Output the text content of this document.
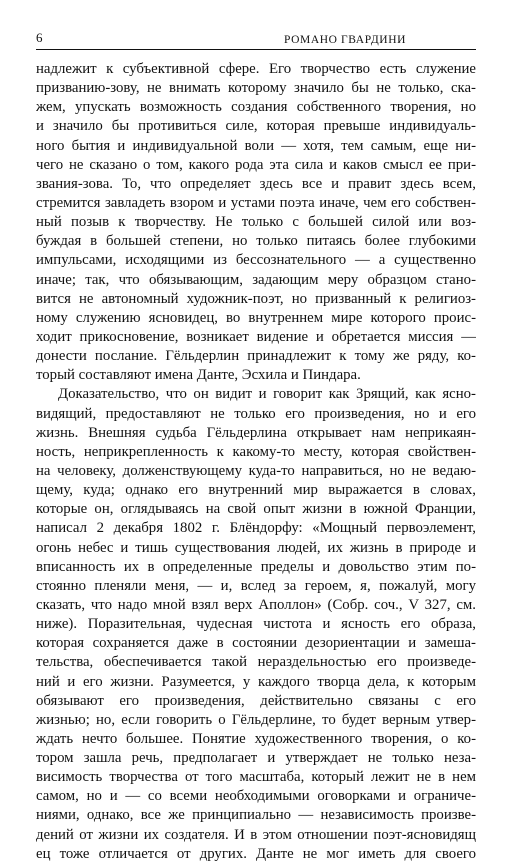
6	РОМАНО ГВАРДИНИ
надлежит к субъективной сфере. Его творчество есть служение
призванию-зову, не внимать которому значило бы не только, ска-
жем, упускать возможность создания собственного творения, но
и значило бы противиться силе, которая превыше индивидуаль-
ного бытия и индивидуальной воли — хотя, тем самым, еще ни-
чего не сказано о том, какого рода эта сила и каков смысл ее при-
звания-зова. То, что определяет здесь все и правит здесь всем,
стремится завладеть взором и устами поэта иначе, чем его собствен-
ный позыв к творчеству. Не только с большей силой или воз-
буждая в большей степени, но только питаясь более глубокими
импульсами, исходящими из бессознательного — а существенно
иначе; так, что обязывающим, задающим меру образцом стано-
вится не автономный художник-поэт, но призванный к религиоз-
ному служению ясновидец, во внутреннем мире которого проис-
ходит прикосновение, возникает видение и обретается миссия —
донести послание. Гёльдерлин принадлежит к тому же ряду, ко-
торый составляют имена Данте, Эсхила и Пиндара.
Доказательство, что он видит и говорит как Зрящий, как ясно-
видящий, предоставляют не только его произведения, но и его
жизнь. Внешняя судьба Гёльдерлина открывает нам неприкаян-
ность, неприкрепленность к какому-то месту, которая свойствен-
на человеку, долженствующему куда-то направиться, но не ведаю-
щему, куда; однако его внутренний мир выражается в словах,
которые он, оглядываясь на свой опыт жизни в южной Франции,
написал 2 декабря 1802 г. Блёндорфу: «Мощный первоэлемент,
огонь небес и тишь существования людей, их жизнь в природе и
вписанность их в определенные пределы и довольство этим по-
стоянно пленяли меня, — и, вслед за героем, я, пожалуй, могу
сказать, что надо мной взял верх Аполлон» (Собр. соч., V 327, см.
ниже). Поразительная, чудесная чистота и ясность его образа,
которая сохраняется даже в состоянии дезориентации и замеша-
тельства, обеспечивается такой нераздельностью его произведе-
ний и его жизни. Разумеется, у каждого творца дела, к которым
обязывают его произведения, действительно связаны с его
жизнью; но, если говорить о Гёльдерлине, то будет верным утвер-
ждать нечто большее. Понятие художественного творения, о ко-
тором зашла речь, предполагает и утверждает не только неза-
висимость творчества от того масштаба, который лежит не в нем
самом, но и — со всеми необходимыми оговорками и ограниче-
ниями, однако, все же принципиально — независимость произве-
дений от жизни их создателя. И в этом отношении поэт-ясновидящ
ец тоже отличается от других. Данте не мог иметь для своего
